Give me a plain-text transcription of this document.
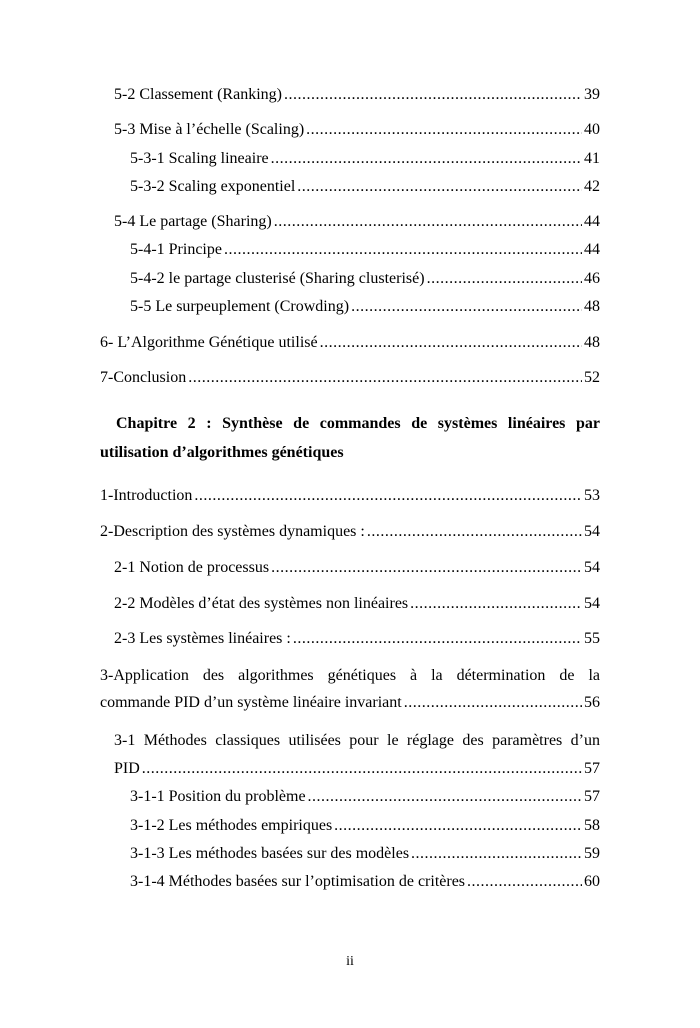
5-2 Classement (Ranking) .....	39
5-3 Mise à l’échelle (Scaling) .....	40
5-3-1 Scaling lineaire .....	41
5-3-2 Scaling exponentiel .....	42
5-4 Le partage (Sharing) .....	44
5-4-1 Principe .....	44
5-4-2 le partage clusterisé (Sharing clusterisé) .....	46
5-5 Le surpeuplement (Crowding) .....	48
6- L’Algorithme Génétique utilisé .....	48
7-Conclusion .....	52
Chapitre 2 : Synthèse de commandes de systèmes linéaires par
utilisation d’algorithmes génétiques
1-Introduction .....	53
2-Description des systèmes dynamiques : .....	54
2-1 Notion de processus .....	54
2-2 Modèles d’état des systèmes non linéaires .....	54
2-3 Les systèmes linéaires : .....	55
3-Application des algorithmes génétiques à la détermination de la
commande PID d’un système linéaire invariant .....	56
3-1 Méthodes classiques utilisées pour le réglage des paramètres d’un
PID .....	57
3-1-1 Position du problème .....	57
3-1-2 Les méthodes empiriques .....	58
3-1-3 Les méthodes basées sur des modèles .....	59
3-1-4 Méthodes basées sur l’optimisation de critères .....	60
ii
